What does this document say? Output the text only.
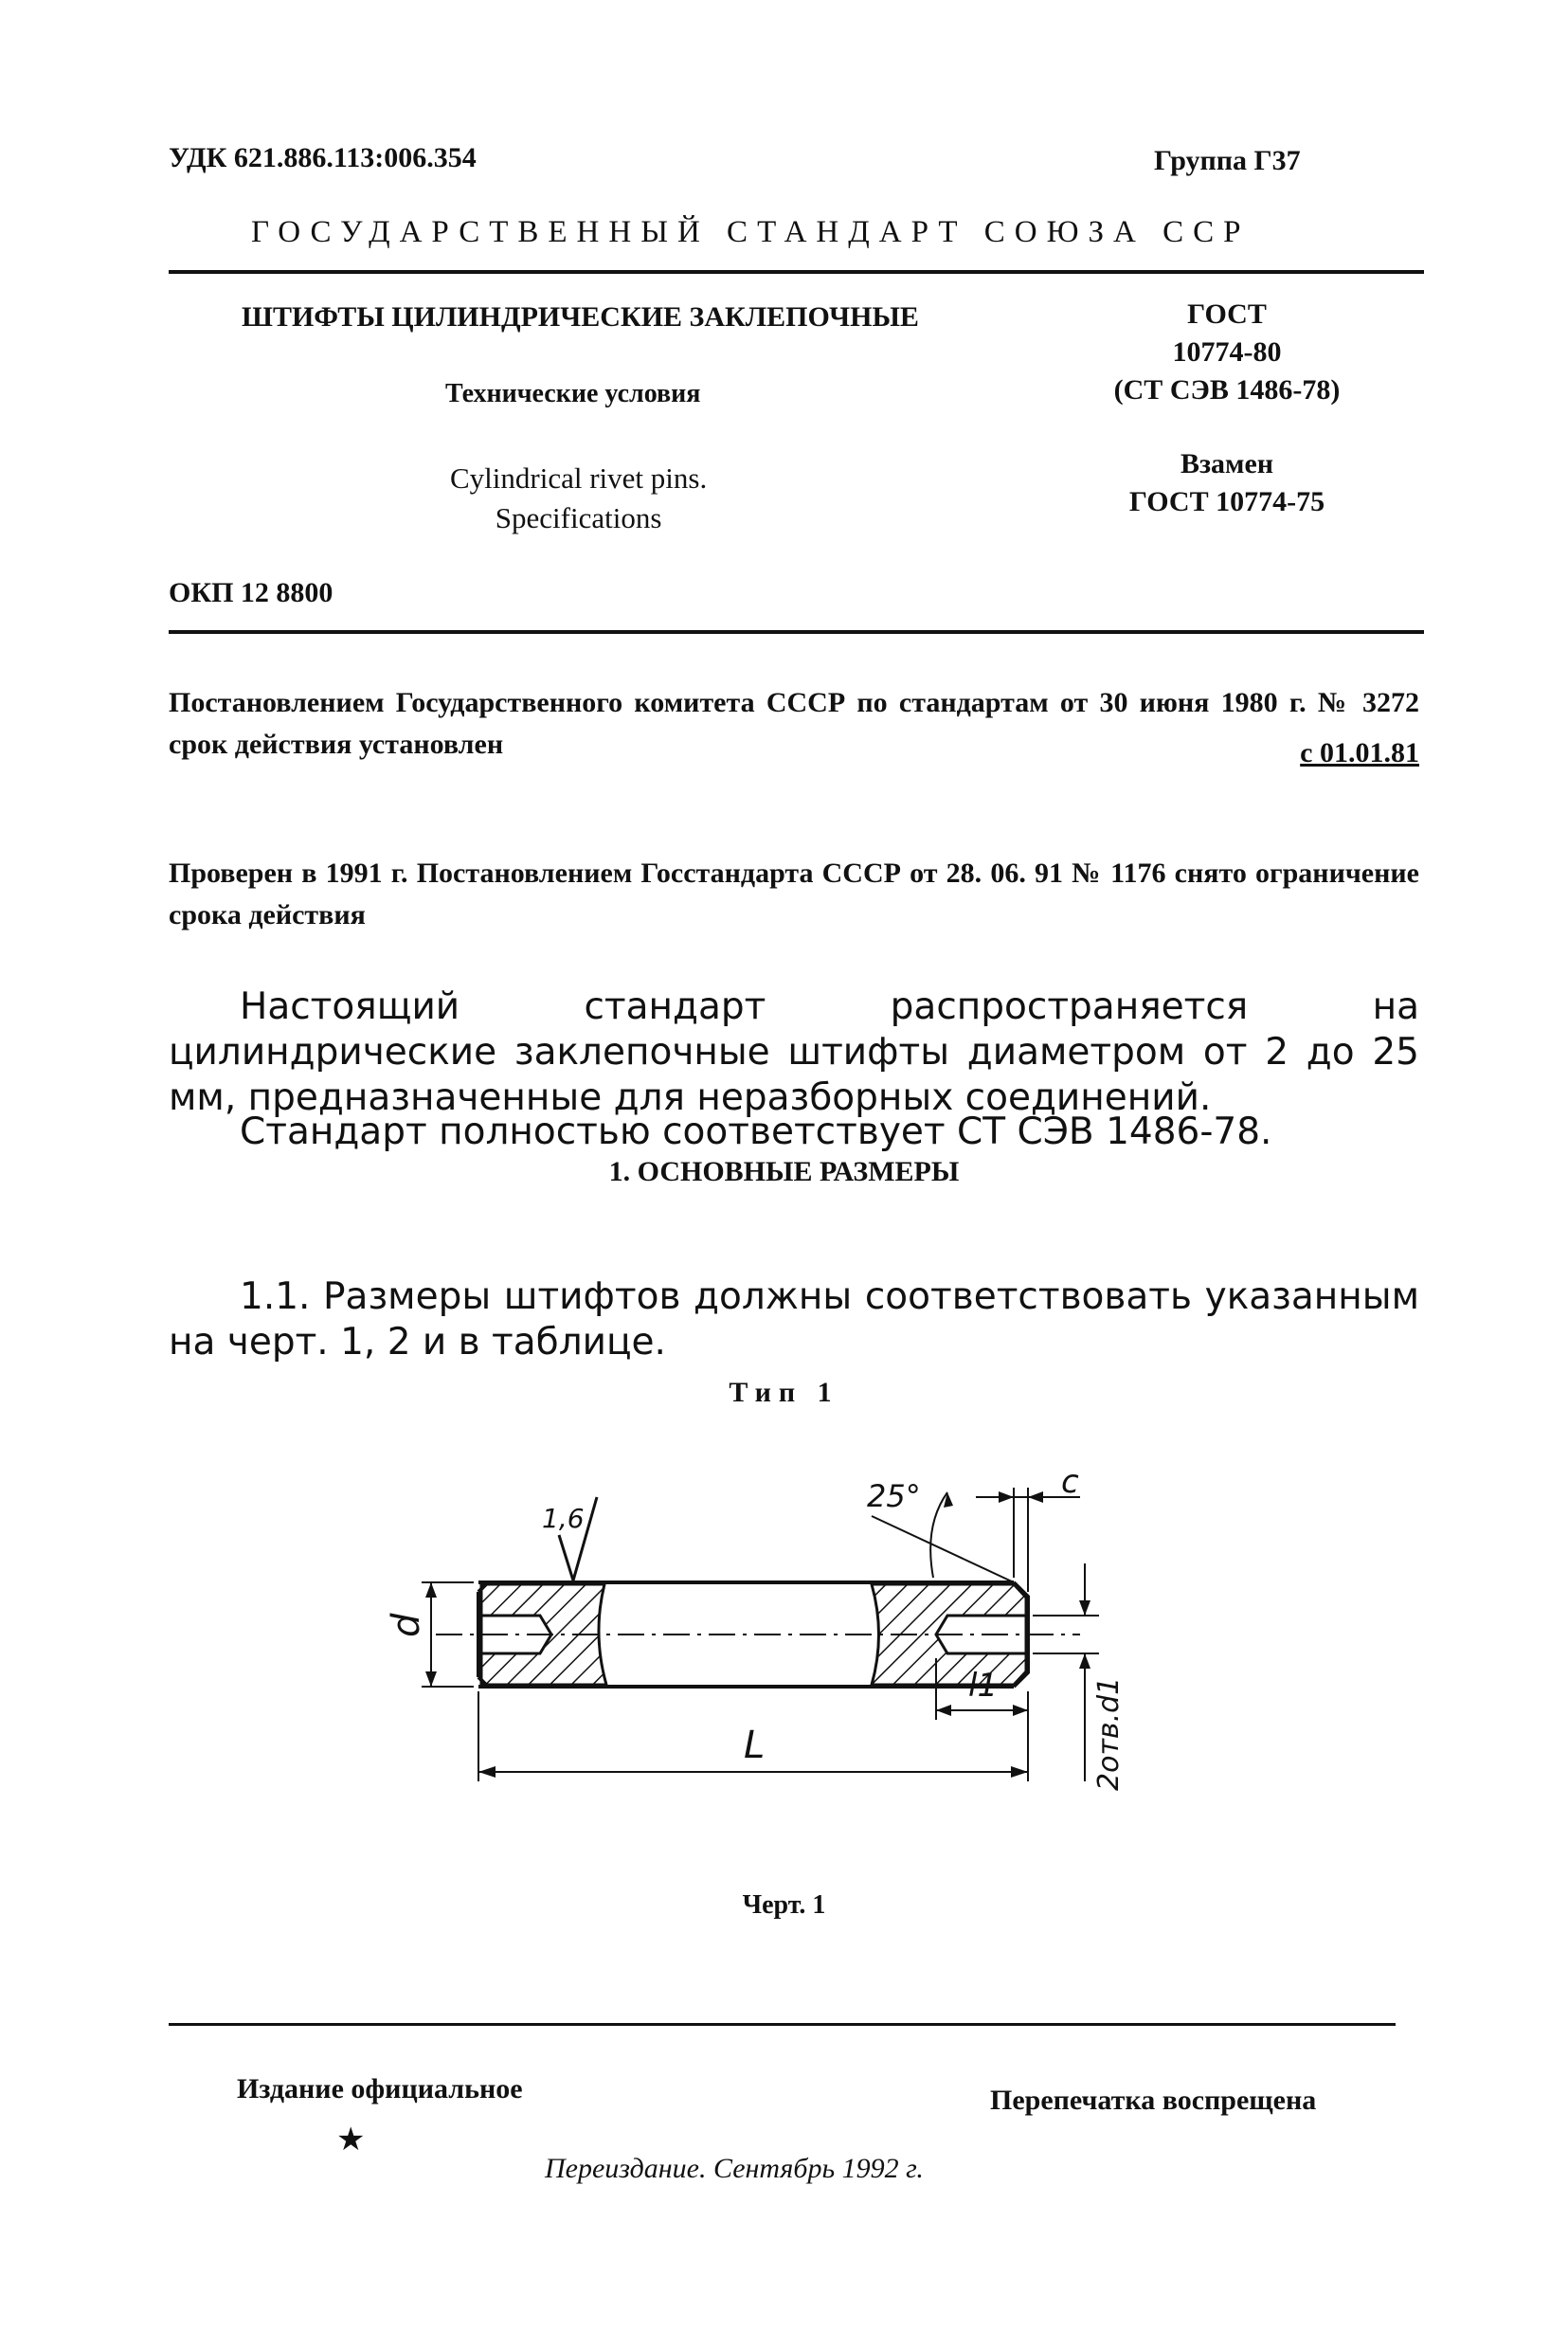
УДК 621.886.113:006.354	Группа Г37

ГОСУДАРСТВЕННЫЙ СТАНДАРТ СОЮЗА ССР

ШТИФТЫ ЦИЛИНДРИЧЕСКИЕ ЗАКЛЕПОЧНЫЕ

Технические условия

Cylindrical rivet pins.
Specifications
ГОСТ
10774-80
(СТ СЭВ 1486-78)
Взамен
ГОСТ 10774-75

ОКП 12 8800

Постановлением Государственного комитета СССР по стандартам от 30 июня 1980 г. № 3272 срок действия установлен	с 01.01.81

Проверен в 1991 г. Постановлением Госстандарта СССР от 28. 06. 91 № 1176 снято ограничение срока действия

Настоящий стандарт распространяется на цилиндрические заклепочные штифты диаметром от 2 до 25 мм, предназначенные для неразборных соединений.

Стандарт полностью соответствует СТ СЭВ 1486-78.

1. ОСНОВНЫЕ РАЗМЕРЫ

1.1. Размеры штифтов должны соответствовать указанным на черт. 1, 2 и в таблице.

Тип 1

d
L
l1	2отв.d1
c
25°
1,6

Черт. 1

Издание официальное

★

Перепечатка воспрещена

Переиздание. Сентябрь 1992 г.
